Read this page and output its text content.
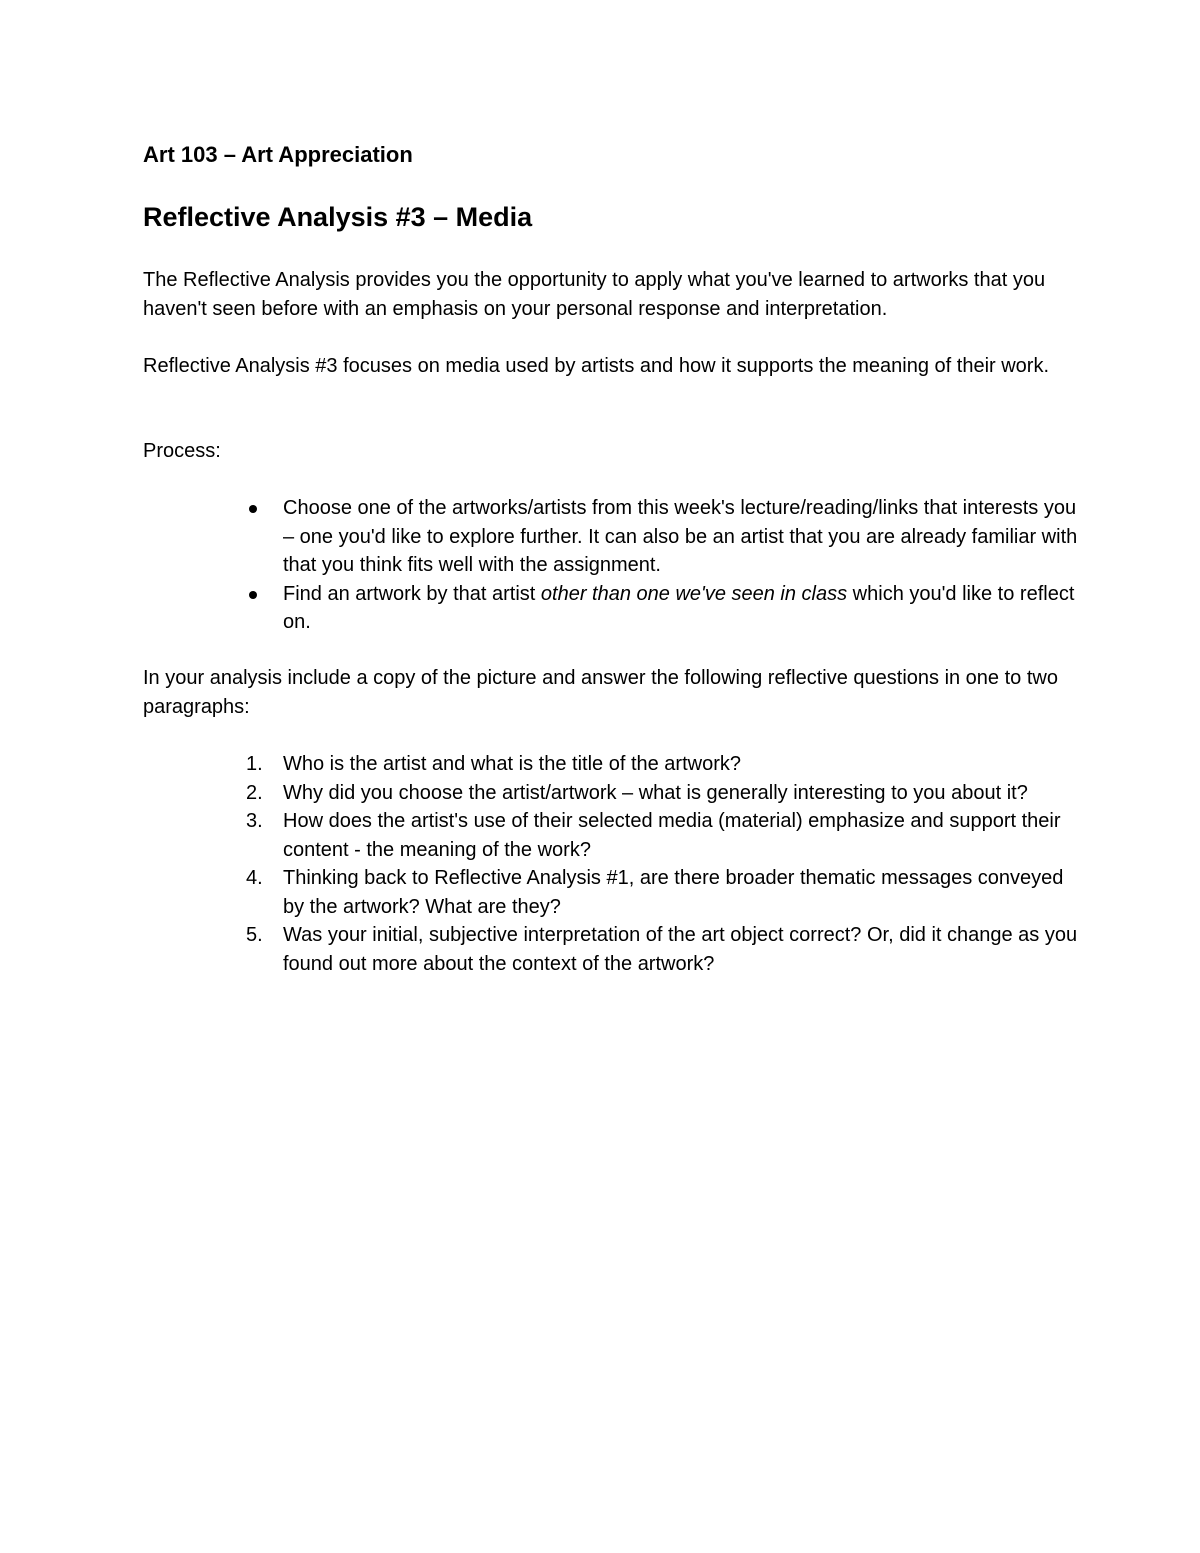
Art 103 – Art Appreciation
Reflective Analysis #3 – Media

The Reflective Analysis provides you the opportunity to apply what you've learned to artworks that you haven't seen before with an emphasis on your personal response and interpretation.

Reflective Analysis #3 focuses on media used by artists and how it supports the meaning of their work.

Process:

Choose one of the artworks/artists from this week's lecture/reading/links that interests you – one you'd like to explore further. It can also be an artist that you are already familiar with that you think fits well with the assignment.
Find an artwork by that artist other than one we've seen in class which you'd like to reflect on.

In your analysis include a copy of the picture and answer the following reflective questions in one to two paragraphs:

1. Who is the artist and what is the title of the artwork?
2. Why did you choose the artist/artwork – what is generally interesting to you about it?
3. How does the artist's use of their selected media (material) emphasize and support their content - the meaning of the work?
4. Thinking back to Reflective Analysis #1, are there broader thematic messages conveyed by the artwork? What are they?
5. Was your initial, subjective interpretation of the art object correct? Or, did it change as you found out more about the context of the artwork?
